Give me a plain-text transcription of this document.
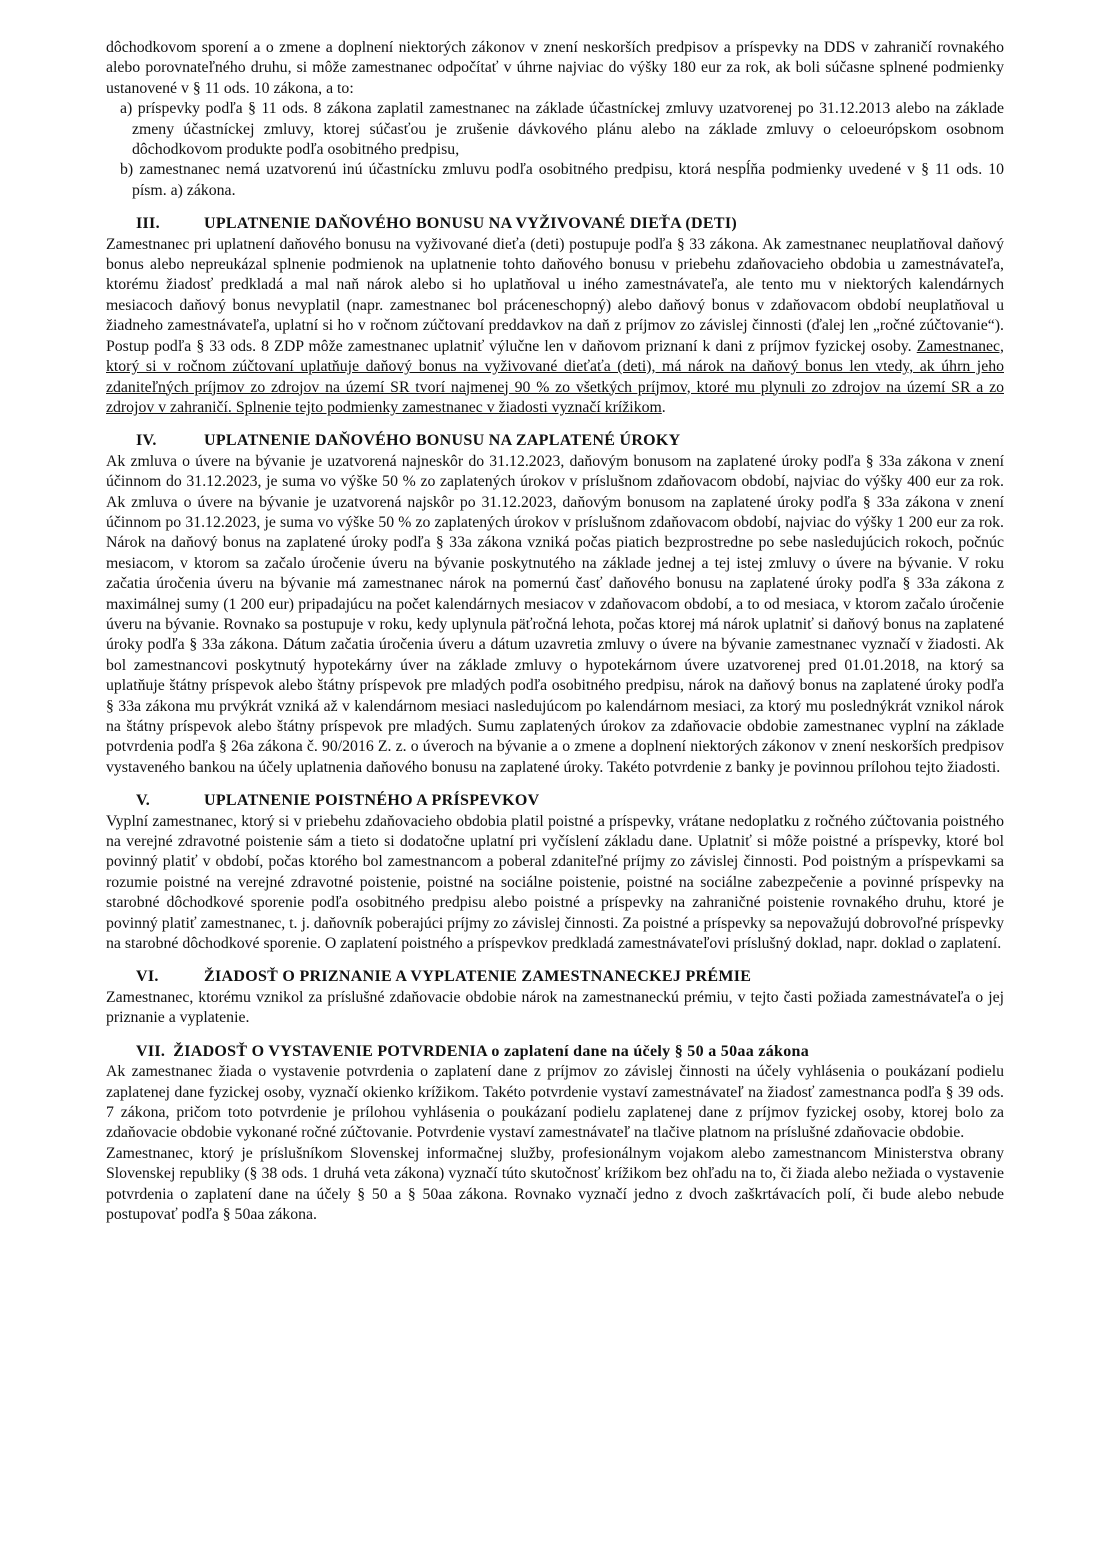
dôchodkovom sporení a o zmene a doplnení niektorých zákonov v znení neskorších predpisov a príspevky na DDS v zahraničí rovnakého alebo porovnateľného druhu, si môže zamestnanec odpočítať v úhrne najviac do výšky 180 eur za rok, ak boli súčasne splnené podmienky ustanovené v § 11 ods. 10 zákona, a to:

a) príspevky podľa § 11 ods. 8 zákona zaplatil zamestnanec na základe účastníckej zmluvy uzatvorenej po 31.12.2013 alebo na základe zmeny účastníckej zmluvy, ktorej súčasťou je zrušenie dávkového plánu alebo na základe zmluvy o celoeurópskom osobnom dôchodkovom produkte podľa osobitného predpisu,

b) zamestnanec nemá uzatvorenú inú účastnícku zmluvu podľa osobitného predpisu, ktorá nespĺňa podmienky uvedené v § 11 ods. 10 písm. a) zákona.

III.	UPLATNENIE DAŇOVÉHO BONUSU NA VYŽIVOVANÉ DIEŤA (DETI)

Zamestnanec pri uplatnení daňového bonusu na vyživované dieťa (deti) postupuje podľa § 33 zákona. Ak zamestnanec neuplatňoval daňový bonus alebo nepreukázal splnenie podmienok na uplatnenie tohto daňového bonusu v priebehu zdaňovacieho obdobia u zamestnávateľa, ktorému žiadosť predkladá a mal naň nárok alebo si ho uplatňoval u iného zamestnávateľa, ale tento mu v niektorých kalendárnych mesiacoch daňový bonus nevyplatil (napr. zamestnanec bol práceneschopný) alebo daňový bonus v zdaňovacom období neuplatňoval u žiadneho zamestnávateľa, uplatní si ho v ročnom zúčtovaní preddavkov na daň z príjmov zo závislej činnosti (ďalej len „ročné zúčtovanie“). Postup podľa § 33 ods. 8 ZDP môže zamestnanec uplatniť výlučne len v daňovom priznaní k dani z príjmov fyzickej osoby. Zamestnanec, ktorý si v ročnom zúčtovaní uplatňuje daňový bonus na vyživované dieťaťa (deti), má nárok na daňový bonus len vtedy, ak úhrn jeho zdaniteľných príjmov zo zdrojov na území SR tvorí najmenej 90 % zo všetkých príjmov, ktoré mu plynuli zo zdrojov na území SR a zo zdrojov v zahraničí. Splnenie tejto podmienky zamestnanec v žiadosti vyznačí krížikom.

IV.	UPLATNENIE DAŇOVÉHO BONUSU NA ZAPLATENÉ ÚROKY

Ak zmluva o úvere na bývanie je uzatvorená najneskôr do 31.12.2023, daňovým bonusom na zaplatené úroky podľa § 33a zákona v znení účinnom do 31.12.2023, je suma vo výške 50 % zo zaplatených úrokov v príslušnom zdaňovacom období, najviac do výšky 400 eur za rok. Ak zmluva o úvere na bývanie je uzatvorená najskôr po 31.12.2023, daňovým bonusom na zaplatené úroky podľa § 33a zákona v znení účinnom po 31.12.2023, je suma vo výške 50 % zo zaplatených úrokov v príslušnom zdaňovacom období, najviac do výšky 1 200 eur za rok. Nárok na daňový bonus na zaplatené úroky podľa § 33a zákona vzniká počas piatich bezprostredne po sebe nasledujúcich rokoch, počnúc mesiacom, v ktorom sa začalo úročenie úveru na bývanie poskytnutého na základe jednej a tej istej zmluvy o úvere na bývanie. V roku začatia úročenia úveru na bývanie má zamestnanec nárok na pomernú časť daňového bonusu na zaplatené úroky podľa § 33a zákona z maximálnej sumy (1 200 eur) pripadajúcu na počet kalendárnych mesiacov v zdaňovacom období, a to od mesiaca, v ktorom začalo úročenie úveru na bývanie. Rovnako sa postupuje v roku, kedy uplynula päťročná lehota, počas ktorej má nárok uplatniť si daňový bonus na zaplatené úroky podľa § 33a zákona. Dátum začatia úročenia úveru a dátum uzavretia zmluvy o úvere na bývanie zamestnanec vyznačí v žiadosti. Ak bol zamestnancovi poskytnutý hypotekárny úver na základe zmluvy o hypotekárnom úvere uzatvorenej pred 01.01.2018, na ktorý sa uplatňuje štátny príspevok alebo štátny príspevok pre mladých podľa osobitného predpisu, nárok na daňový bonus na zaplatené úroky podľa § 33a zákona mu prvýkrát vzniká až v kalendárnom mesiaci nasledujúcom po kalendárnom mesiaci, za ktorý mu poslednýkrát vznikol nárok na štátny príspevok alebo štátny príspevok pre mladých. Sumu zaplatených úrokov za zdaňovacie obdobie zamestnanec vyplní na základe potvrdenia podľa § 26a zákona č. 90/2016 Z. z. o úveroch na bývanie a o zmene a doplnení niektorých zákonov v znení neskorších predpisov vystaveného bankou na účely uplatnenia daňového bonusu na zaplatené úroky. Takéto potvrdenie z banky je povinnou prílohou tejto žiadosti.

V.	UPLATNENIE POISTNÉHO A PRÍSPEVKOV

Vyplní zamestnanec, ktorý si v priebehu zdaňovacieho obdobia platil poistné a príspevky, vrátane nedoplatku z ročného zúčtovania poistného na verejné zdravotné poistenie sám a tieto si dodatočne uplatní pri vyčíslení základu dane. Uplatniť si môže poistné a príspevky, ktoré bol povinný platiť v období, počas ktorého bol zamestnancom a poberal zdaniteľné príjmy zo závislej činnosti. Pod poistným a príspevkami sa rozumie poistné na verejné zdravotné poistenie, poistné na sociálne poistenie, poistné na sociálne zabezpečenie a povinné príspevky na starobné dôchodkové sporenie podľa osobitného predpisu alebo poistné a príspevky na zahraničné poistenie rovnakého druhu, ktoré je povinný platiť zamestnanec, t. j. daňovník poberajúci príjmy zo závislej činnosti. Za poistné a príspevky sa nepovažujú dobrovoľné príspevky na starobné dôchodkové sporenie. O zaplatení poistného a príspevkov predkladá zamestnávateľovi príslušný doklad, napr. doklad o zaplatení.

VI.	ŽIADOSŤ O PRIZNANIE A VYPLATENIE ZAMESTNANECKEJ PRÉMIE

Zamestnanec, ktorému vznikol za príslušné zdaňovacie obdobie nárok na zamestnaneckú prémiu, v tejto časti požiada zamestnávateľa o jej priznanie a vyplatenie.

VII. ŽIADOSŤ O VYSTAVENIE POTVRDENIA o zaplatení dane na účely § 50 a 50aa zákona

Ak zamestnanec žiada o vystavenie potvrdenia o zaplatení dane z príjmov zo závislej činnosti na účely vyhlásenia o poukázaní podielu zaplatenej dane fyzickej osoby, vyznačí okienko krížikom. Takéto potvrdenie vystaví zamestnávateľ na žiadosť zamestnanca podľa § 39 ods. 7 zákona, pričom toto potvrdenie je prílohou vyhlásenia o poukázaní podielu zaplatenej dane z príjmov fyzickej osoby, ktorej bolo za zdaňovacie obdobie vykonané ročné zúčtovanie. Potvrdenie vystaví zamestnávateľ na tlačive platnom na príslušné zdaňovacie obdobie.

Zamestnanec, ktorý je príslušníkom Slovenskej informačnej služby, profesionálnym vojakom alebo zamestnancom Ministerstva obrany Slovenskej republiky (§ 38 ods. 1 druhá veta zákona) vyznačí túto skutočnosť krížikom bez ohľadu na to, či žiada alebo nežiada o vystavenie potvrdenia o zaplatení dane na účely § 50 a § 50aa zákona. Rovnako vyznačí jedno z dvoch zaškrtávacích polí, či bude alebo nebude postupovať podľa § 50aa zákona.
